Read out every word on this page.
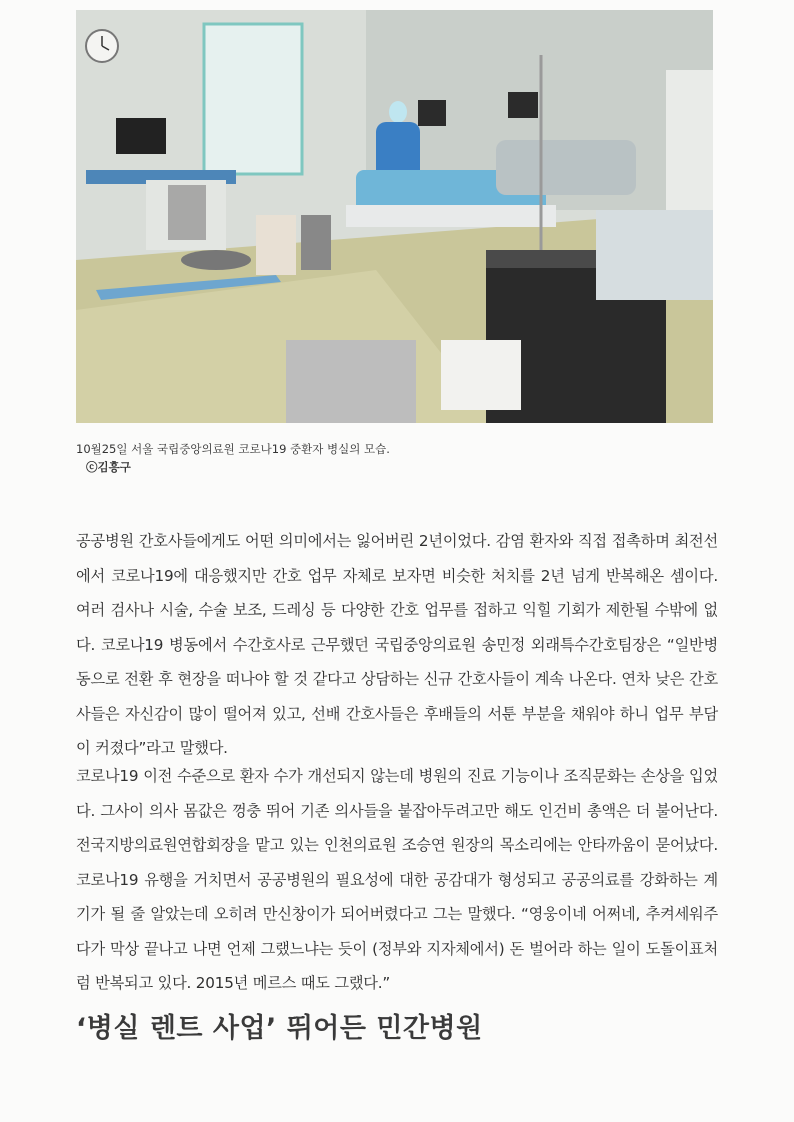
10월25일 서울 국립중앙의료원 코로나19 중환자 병실의 모습.
ⓒ김흥구

공공병원 간호사들에게도 어떤 의미에서는 잃어버린 2년이었다. 감염 환자와 직접 접촉하며 최전선에서 코로나19에 대응했지만 간호 업무 자체로 보자면 비슷한 처치를 2년 넘게 반복해온 셈이다. 여러 검사나 시술, 수술 보조, 드레싱 등 다양한 간호 업무를 접하고 익힐 기회가 제한될 수밖에 없다. 코로나19 병동에서 수간호사로 근무했던 국립중앙의료원 송민정 외래특수간호팀장은 “일반병동으로 전환 후 현장을 떠나야 할 것 같다고 상담하는 신규 간호사들이 계속 나온다. 연차 낮은 간호사들은 자신감이 많이 떨어져 있고, 선배 간호사들은 후배들의 서툰 부분을 채워야 하니 업무 부담이 커졌다”라고 말했다.

코로나19 이전 수준으로 환자 수가 개선되지 않는데 병원의 진료 기능이나 조직문화는 손상을 입었다. 그사이 의사 몸값은 껑충 뛰어 기존 의사들을 붙잡아두려고만 해도 인건비 총액은 더 불어난다. 전국지방의료원연합회장을 맡고 있는 인천의료원 조승연 원장의 목소리에는 안타까움이 묻어났다. 코로나19 유행을 거치면서 공공병원의 필요성에 대한 공감대가 형성되고 공공의료를 강화하는 계기가 될 줄 알았는데 오히려 만신창이가 되어버렸다고 그는 말했다. “영웅이네 어쩌네, 추켜세워주다가 막상 끝나고 나면 언제 그랬느냐는 듯이 (정부와 지자체에서) 돈 벌어라 하는 일이 도돌이표처럼 반복되고 있다. 2015년 메르스 때도 그랬다.”

‘병실 렌트 사업’ 뛰어든 민간병원
